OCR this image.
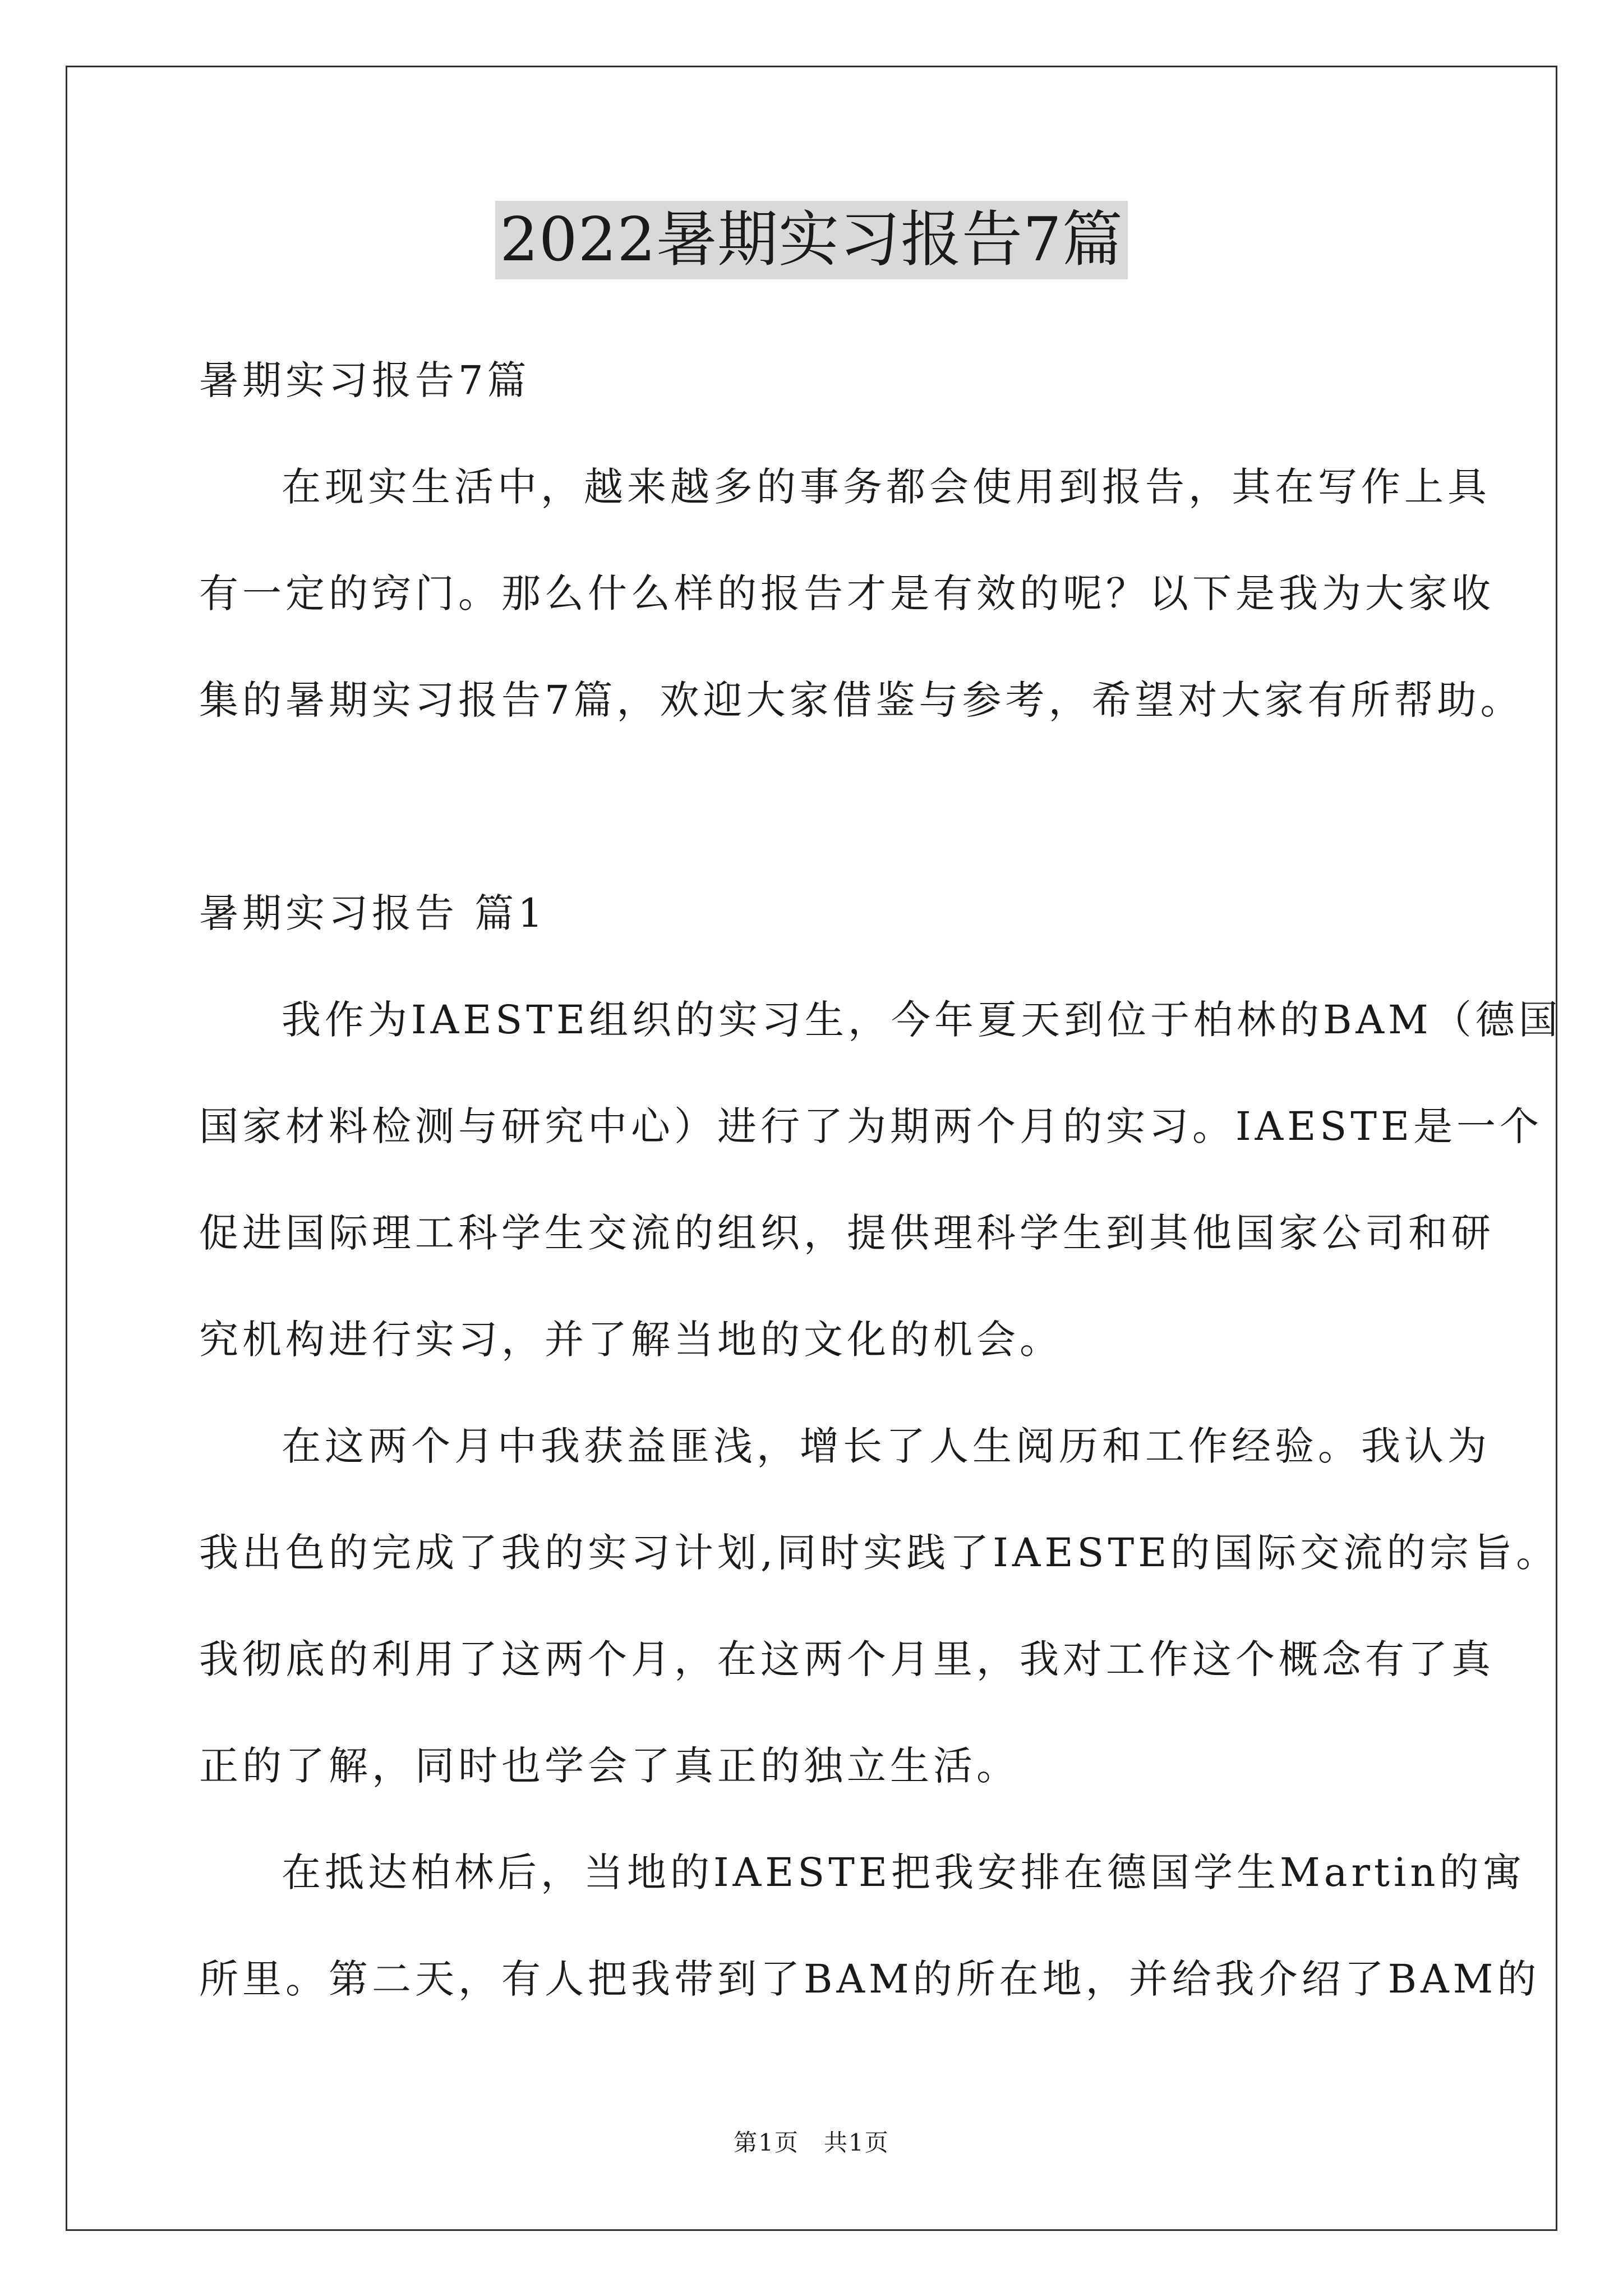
2022暑期实习报告7篇
暑期实习报告7篇
在现实生活中，越来越多的事务都会使用到报告，其在写作上具
有一定的窍门。那么什么样的报告才是有效的呢？以下是我为大家收
集的暑期实习报告7篇，欢迎大家借鉴与参考，希望对大家有所帮助。
暑期实习报告 篇1
我作为IAESTE组织的实习生，今年夏天到位于柏林的BAM（德国
国家材料检测与研究中心）进行了为期两个月的实习。IAESTE是一个
促进国际理工科学生交流的组织，提供理科学生到其他国家公司和研
究机构进行实习，并了解当地的文化的机会。
在这两个月中我获益匪浅，增长了人生阅历和工作经验。我认为
我出色的完成了我的实习计划,同时实践了IAESTE的国际交流的宗旨。
我彻底的利用了这两个月，在这两个月里，我对工作这个概念有了真
正的了解，同时也学会了真正的独立生活。
在抵达柏林后，当地的IAESTE把我安排在德国学生Martin的寓
所里。第二天，有人把我带到了BAM的所在地，并给我介绍了BAM的
第1页　共1页
